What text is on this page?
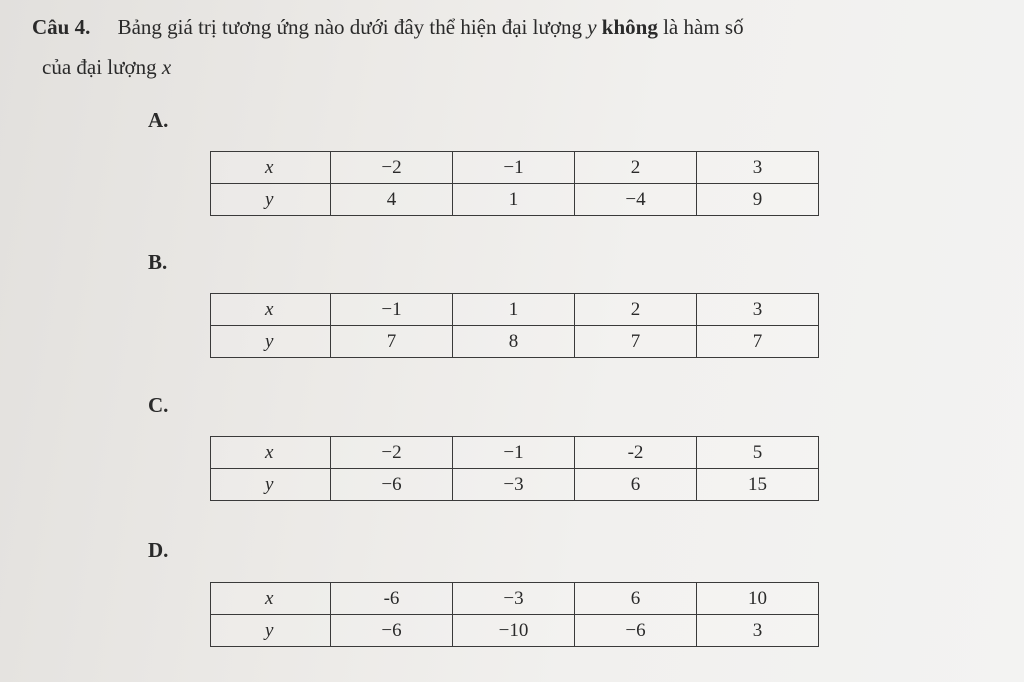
Câu 4. Bảng giá trị tương ứng nào dưới đây thể hiện đại lượng y không là hàm số
của đại lượng x
A.
x	−2	−1	2	3
y	4	1	−4	9
B.
x	−1	1	2	3
y	7	8	7	7
C.
x	−2	−1	-2	5
y	−6	−3	6	15
D.
x	-6	−3	6	10
y	−6	−10	−6	3
